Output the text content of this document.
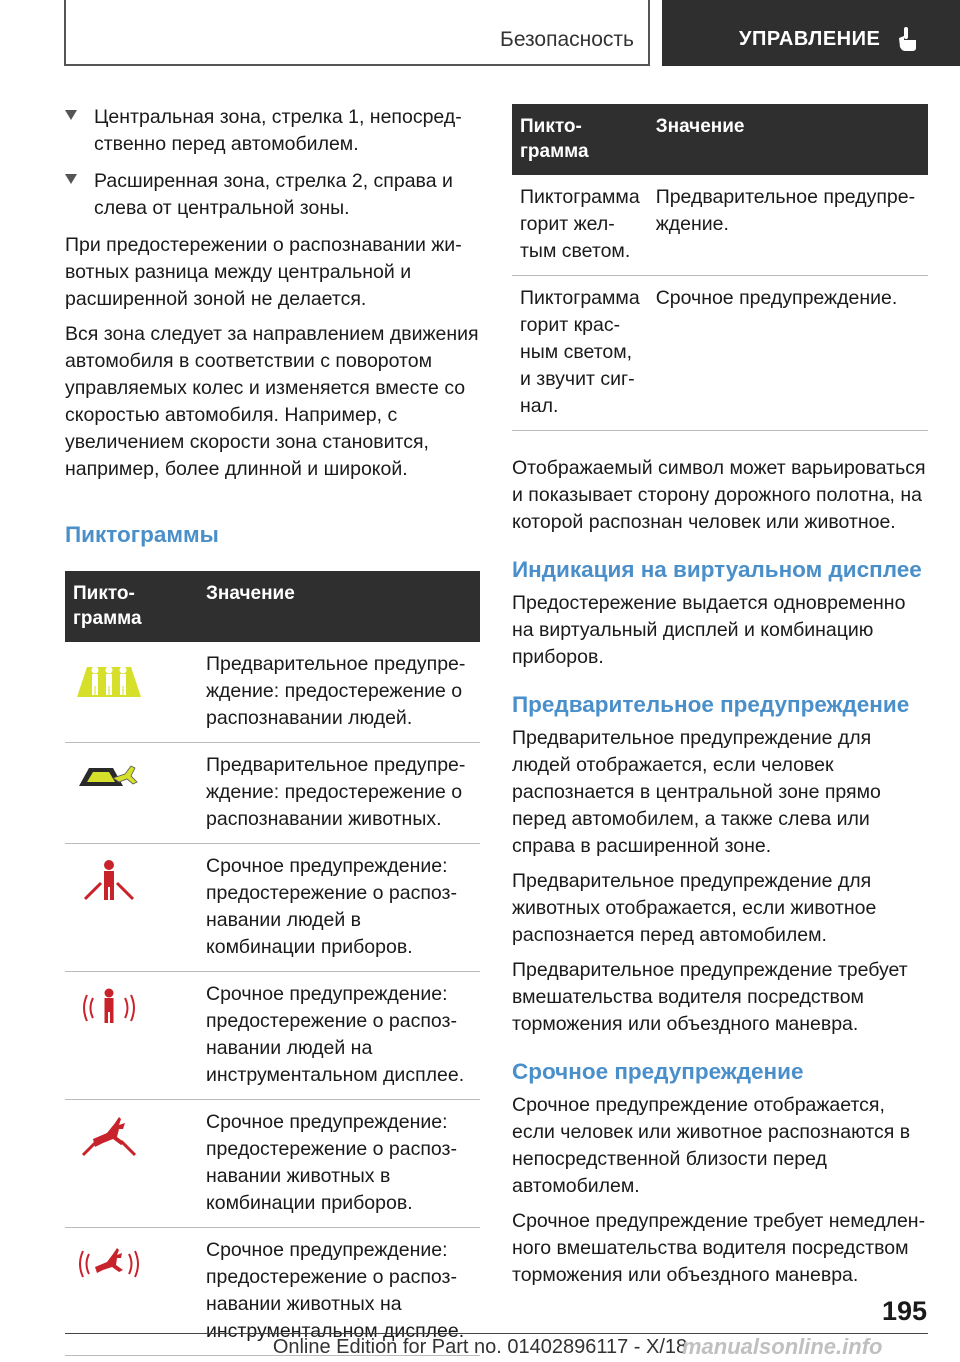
Безопасность	УПРАВЛЕНИЕ
Центральная зона, стрелка 1, непосредственно перед автомобилем.
Расширенная зона, стрелка 2, справа и слева от центральной зоны.

При предостережении о распознавании животных разница между центральной и расширенной зоной не делается.

Вся зона следует за направлением движения автомобиля в соответствии с поворотом управляемых колес и изменяется вместе со скоростью автомобиля. Например, с увеличением скорости зона становится, например, более длинной и широкой.

Пиктограммы
Пиктограмма	Значение
	Предварительное предупреждение: предостережение о распознавании людей.
	Предварительное предупреждение: предостережение о распознавании животных.
	Срочное предупреждение: предостережение о распознавании людей в комбинации приборов.
	Срочное предупреждение: предостережение о распознавании людей на инструментальном дисплее.
	Срочное предупреждение: предостережение о распознавании животных в комбинации приборов.
	Срочное предупреждение: предостережение о распознавании животных на инструментальном дисплее.
Пиктограмма	Значение
Пиктограмма горит желтым светом.	Предварительное предупреждение.
Пиктограмма горит красным светом, и звучит сигнал.	Срочное предупреждение.

Отображаемый символ может варьироваться и показывает сторону дорожного полотна, на которой распознан человек или животное.

Индикация на виртуальном дисплее

Предостережение выдается одновременно на виртуальный дисплей и комбинацию приборов.

Предварительное предупреждение

Предварительное предупреждение для людей отображается, если человек распознается в центральной зоне прямо перед автомобилем, а также слева или справа в расширенной зоне.

Предварительное предупреждение для животных отображается, если животное распознается перед автомобилем.

Предварительное предупреждение требует вмешательства водителя посредством торможения или объездного маневра.

Срочное предупреждение

Срочное предупреждение отображается, если человек или животное распознаются в непосредственной близости перед автомобилем.

Срочное предупреждение требует немедленного вмешательства водителя посредством торможения или объездного маневра.

195
Online Edition for Part no. 01402896117 - X/18
manualsonline.info
